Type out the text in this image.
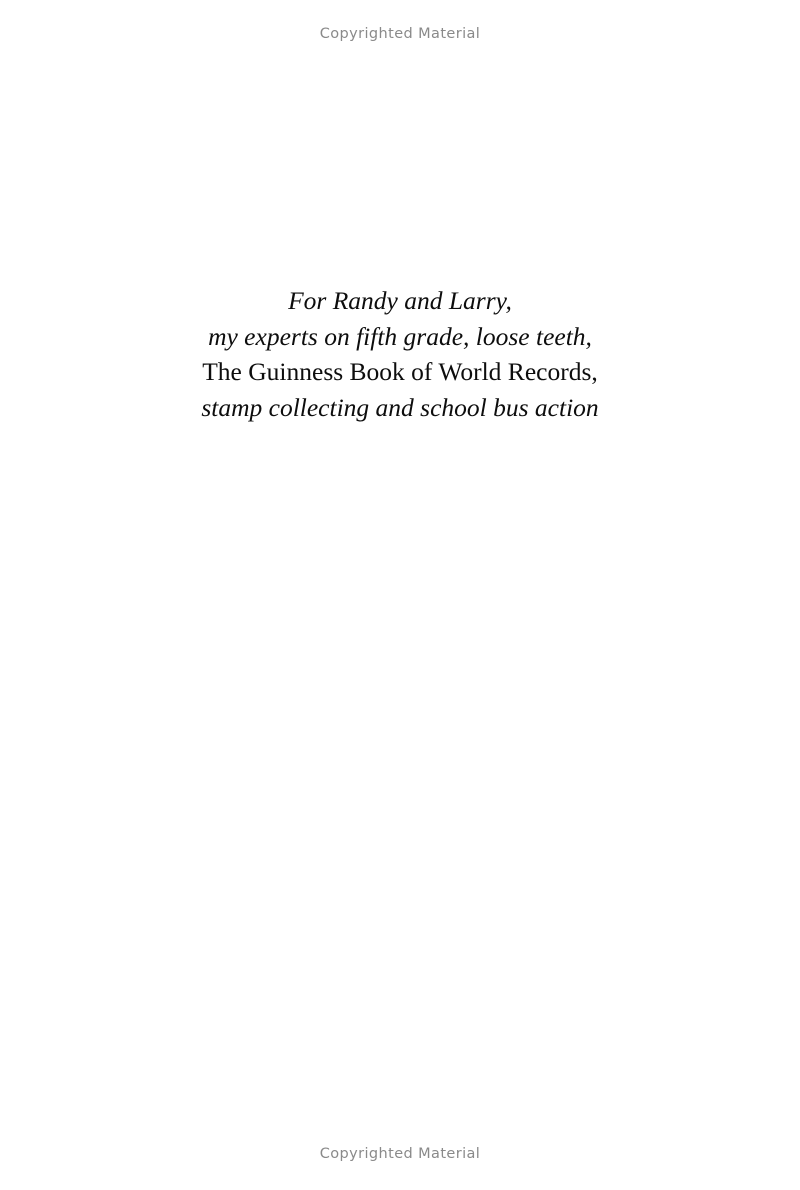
Copyrighted Material
For Randy and Larry,
my experts on fifth grade, loose teeth,
The Guinness Book of World Records,
stamp collecting and school bus action
Copyrighted Material
